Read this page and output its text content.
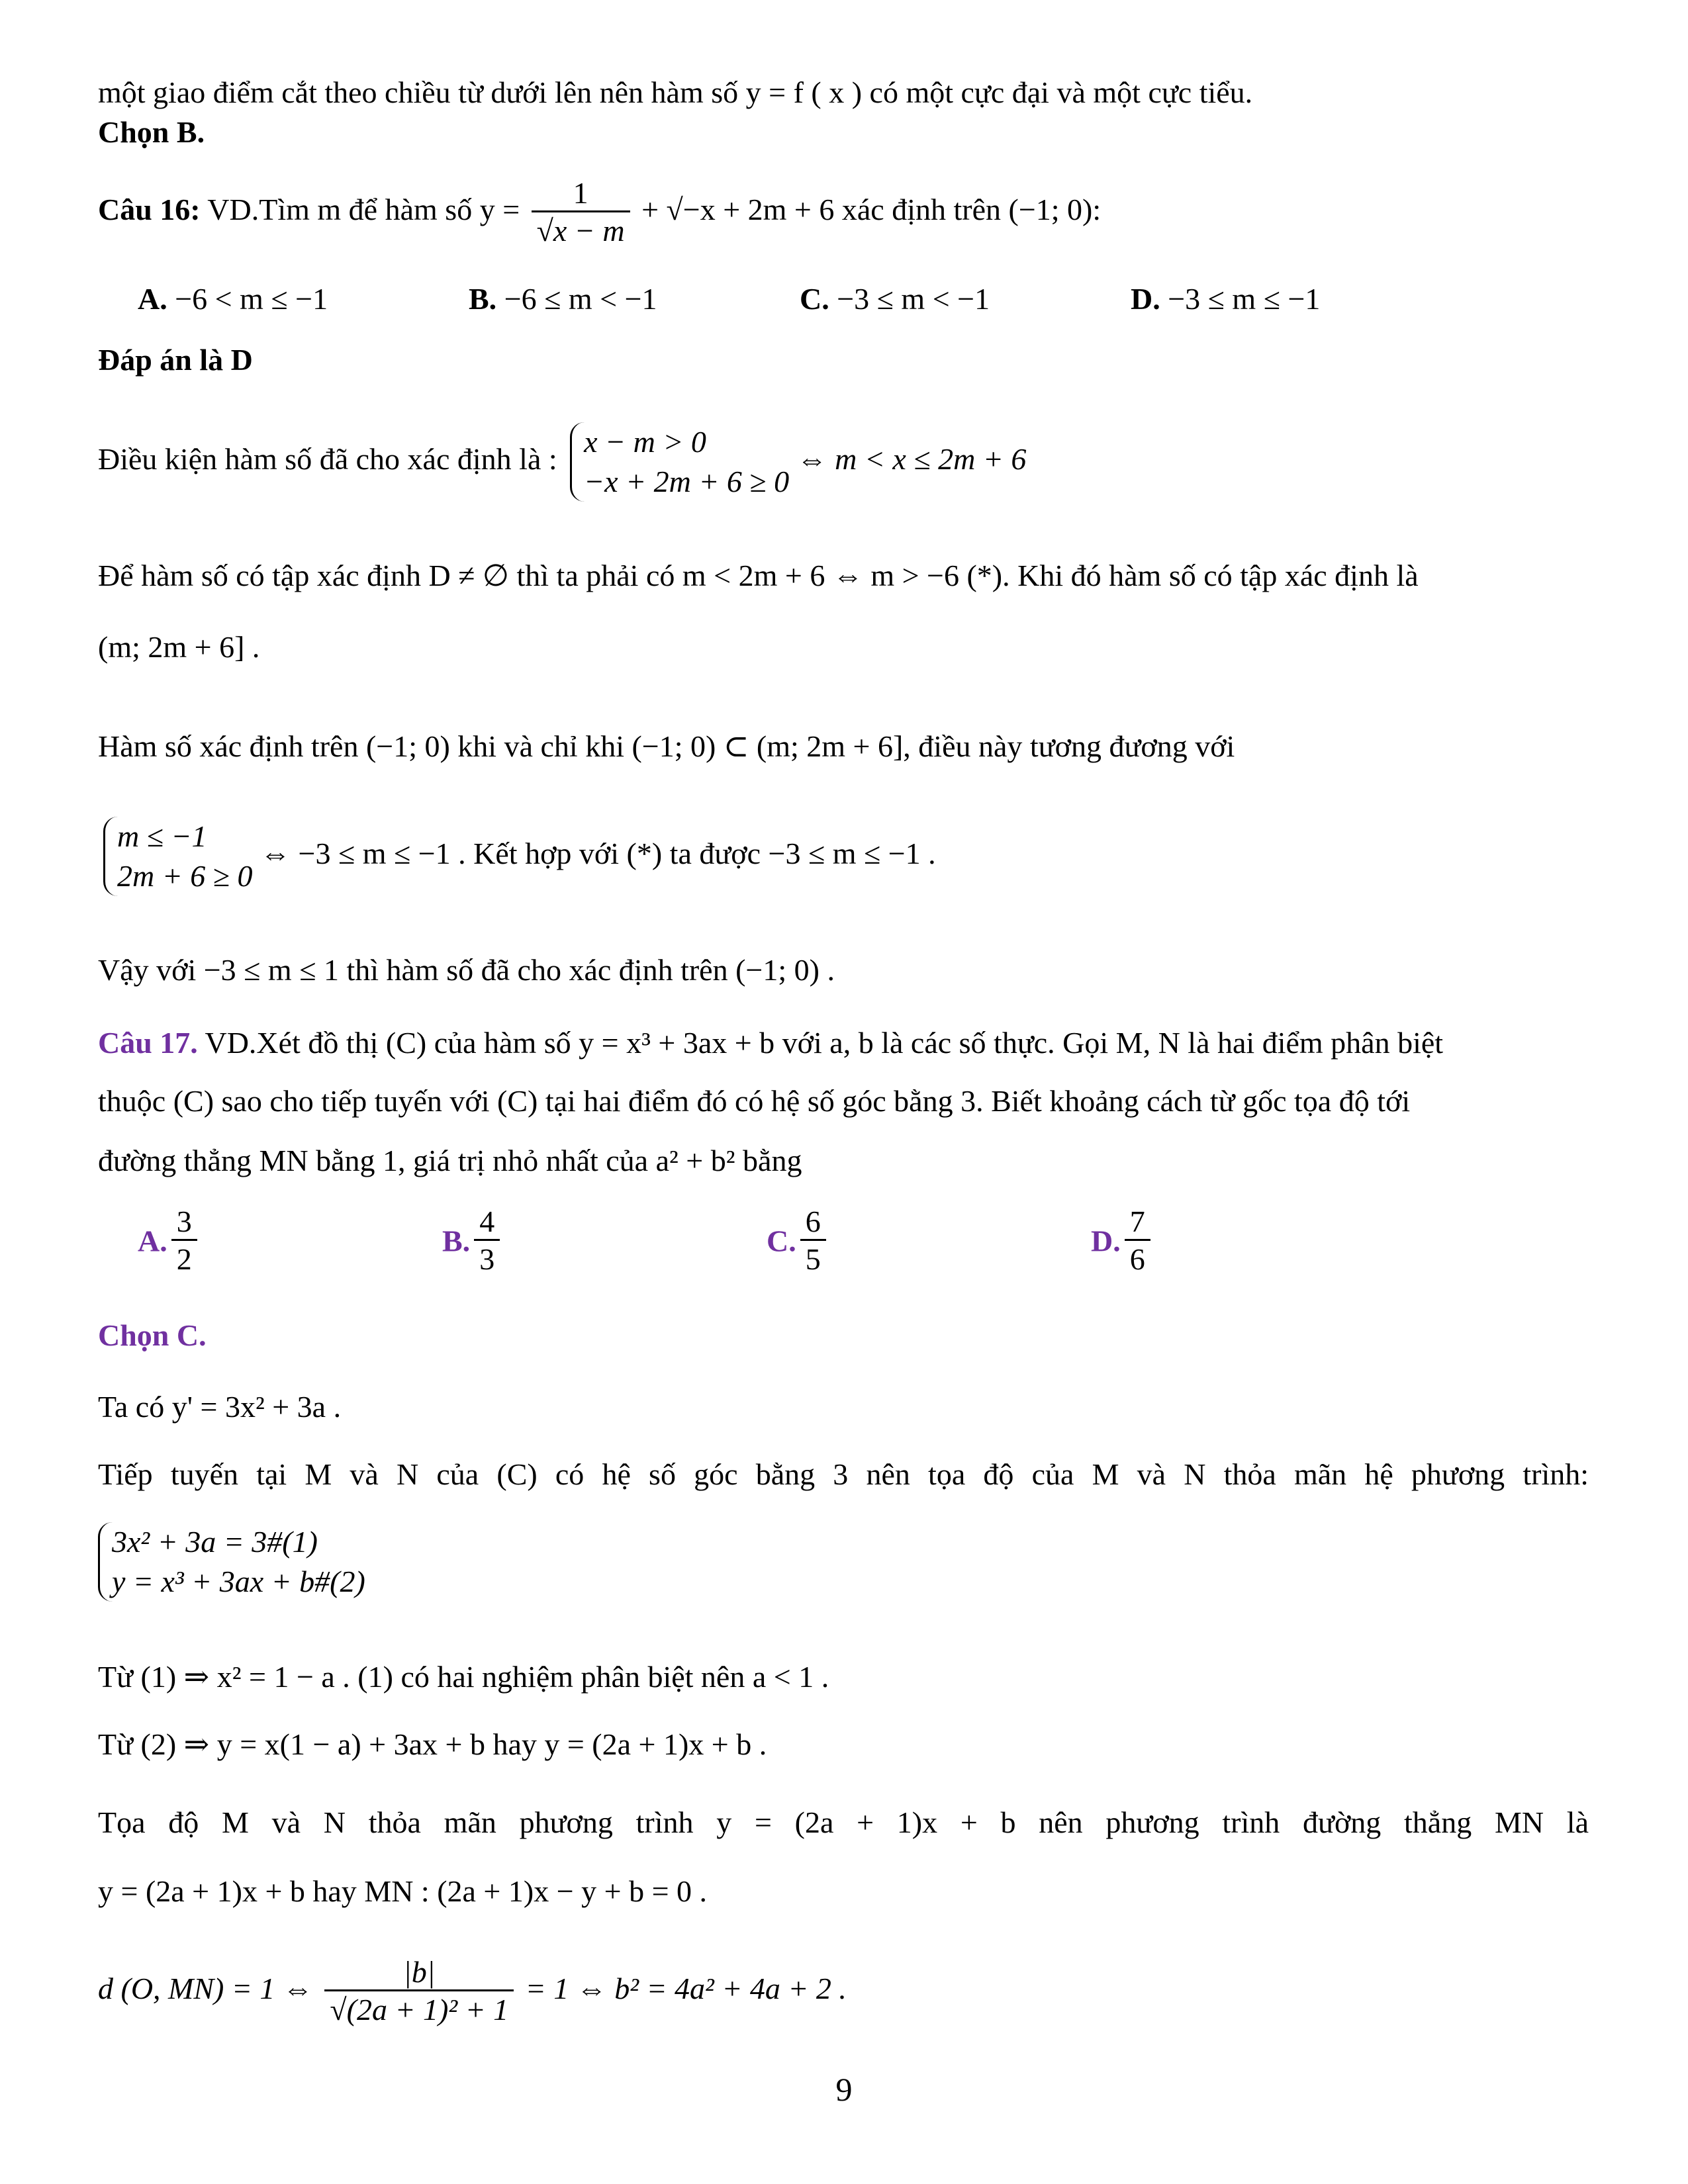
một giao điểm cắt theo chiều từ dưới lên nên hàm số y = f ( x ) có một cực đại và một cực tiểu.
Chọn B.
Câu 16: VD.Tìm m để hàm số $y = \frac{1}{√x - m} + √-x + 2m + 6$ xác định trên (−1; 0):
A. −6 < m ≤ −1	B. −6 ≤ m < −1	C. −3 ≤ m < −1	D. −3 ≤ m ≤ −1
Đáp án là D
Điều kiện hàm số đã cho xác định là :
x − m > 0
−x + 2m + 6 ≥ 0
⇔ m < x ≤ 2m + 6
Để hàm số có tập xác định D ≠ ∅ thì ta phải có m < 2m + 6 ⇔ m > −6 (*). Khi đó hàm số có tập xác định là
(m; 2m + 6] .
Hàm số xác định trên (−1; 0) khi và chỉ khi (−1; 0) ⊂ (m; 2m + 6], điều này tương đương với
m ≤ −1
2m + 6 ≥ 0
⇔ −3 ≤ m ≤ −1 . Kết hợp với (*) ta được −3 ≤ m ≤ −1 .
Vậy với −3 ≤ m ≤ 1 thì hàm số đã cho xác định trên (−1; 0) .
Câu 17. VD.Xét đồ thị (C) của hàm số y = x³ + 3ax + b với a, b là các số thực. Gọi M, N là hai điểm phân biệt
thuộc (C) sao cho tiếp tuyến với (C) tại hai điểm đó có hệ số góc bằng 3. Biết khoảng cách từ gốc tọa độ tới
đường thẳng MN bằng 1, giá trị nhỏ nhất của a² + b² bằng
A. $\frac{3}{2}$	B. $\frac{4}{3}$	C. $\frac{6}{5}$	D. $\frac{7}{6}$
Chọn C.
Ta có y' = 3x² + 3a .
Tiếp tuyến tại M và N của (C) có hệ số góc bằng 3 nên tọa độ của M và N thỏa mãn hệ phương trình:
3x² + 3a = 3#(1)
y = x³ + 3ax + b#(2)
Từ (1) ⇒ x² = 1 − a . (1) có hai nghiệm phân biệt nên a < 1 .
Từ (2) ⇒ y = x(1 − a) + 3ax + b hay y = (2a + 1)x + b .
Tọa độ M và N thỏa mãn phương trình y = (2a + 1)x + b nên phương trình đường thẳng MN là
y = (2a + 1)x + b hay MN : (2a + 1)x − y + b = 0 .
d (O, MN) = 1 ⇔ $\frac{|b|}{\text{√(2a + 1)² + 1}} = 1$ ⇔ b² = 4a² + 4a + 2 .
9
